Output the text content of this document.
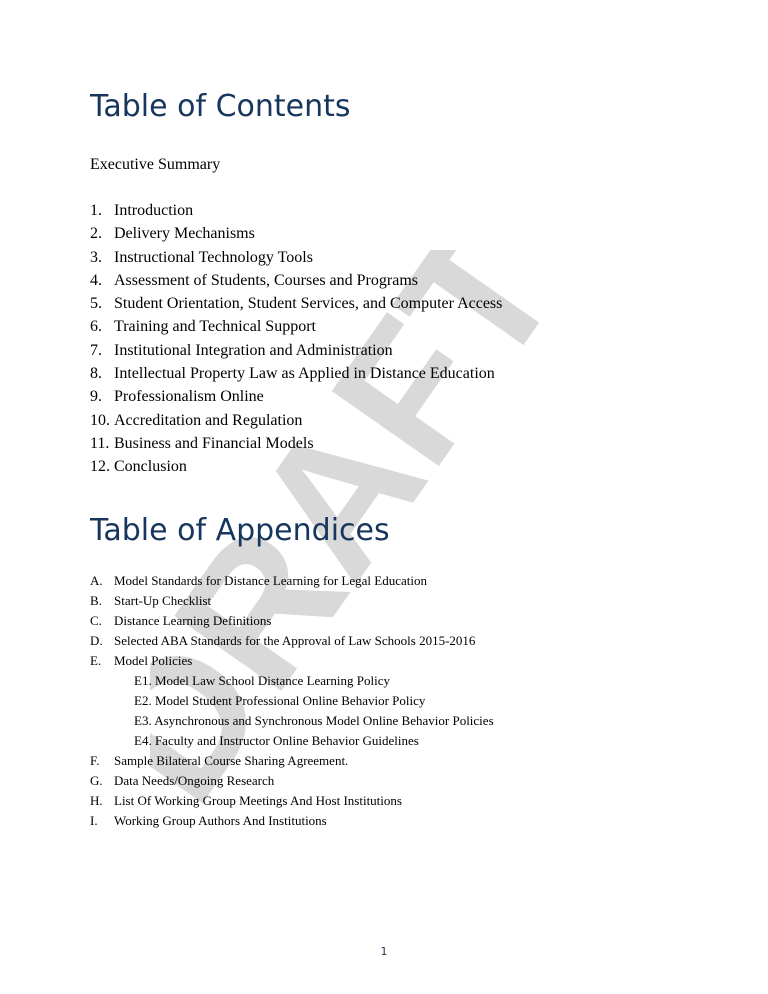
DRAFT
Table of Contents
Executive Summary
1. Introduction
2. Delivery Mechanisms
3. Instructional Technology Tools
4. Assessment of Students, Courses and Programs
5. Student Orientation, Student Services, and Computer Access
6. Training and Technical Support
7. Institutional Integration and Administration
8. Intellectual Property Law as Applied in Distance Education
9. Professionalism Online
10. Accreditation and Regulation
11. Business and Financial Models
12. Conclusion
Table of Appendices
A. Model Standards for Distance Learning for Legal Education
B. Start-Up Checklist
C. Distance Learning Definitions
D. Selected ABA Standards for the Approval of Law Schools 2015-2016
E. Model Policies
E1. Model Law School Distance Learning Policy
E2. Model Student Professional Online Behavior Policy
E3. Asynchronous and Synchronous Model Online Behavior Policies
E4. Faculty and Instructor Online Behavior Guidelines
F. Sample Bilateral Course Sharing Agreement.
G. Data Needs/Ongoing Research
H. List Of Working Group Meetings And Host Institutions
I. Working Group Authors And Institutions
1
